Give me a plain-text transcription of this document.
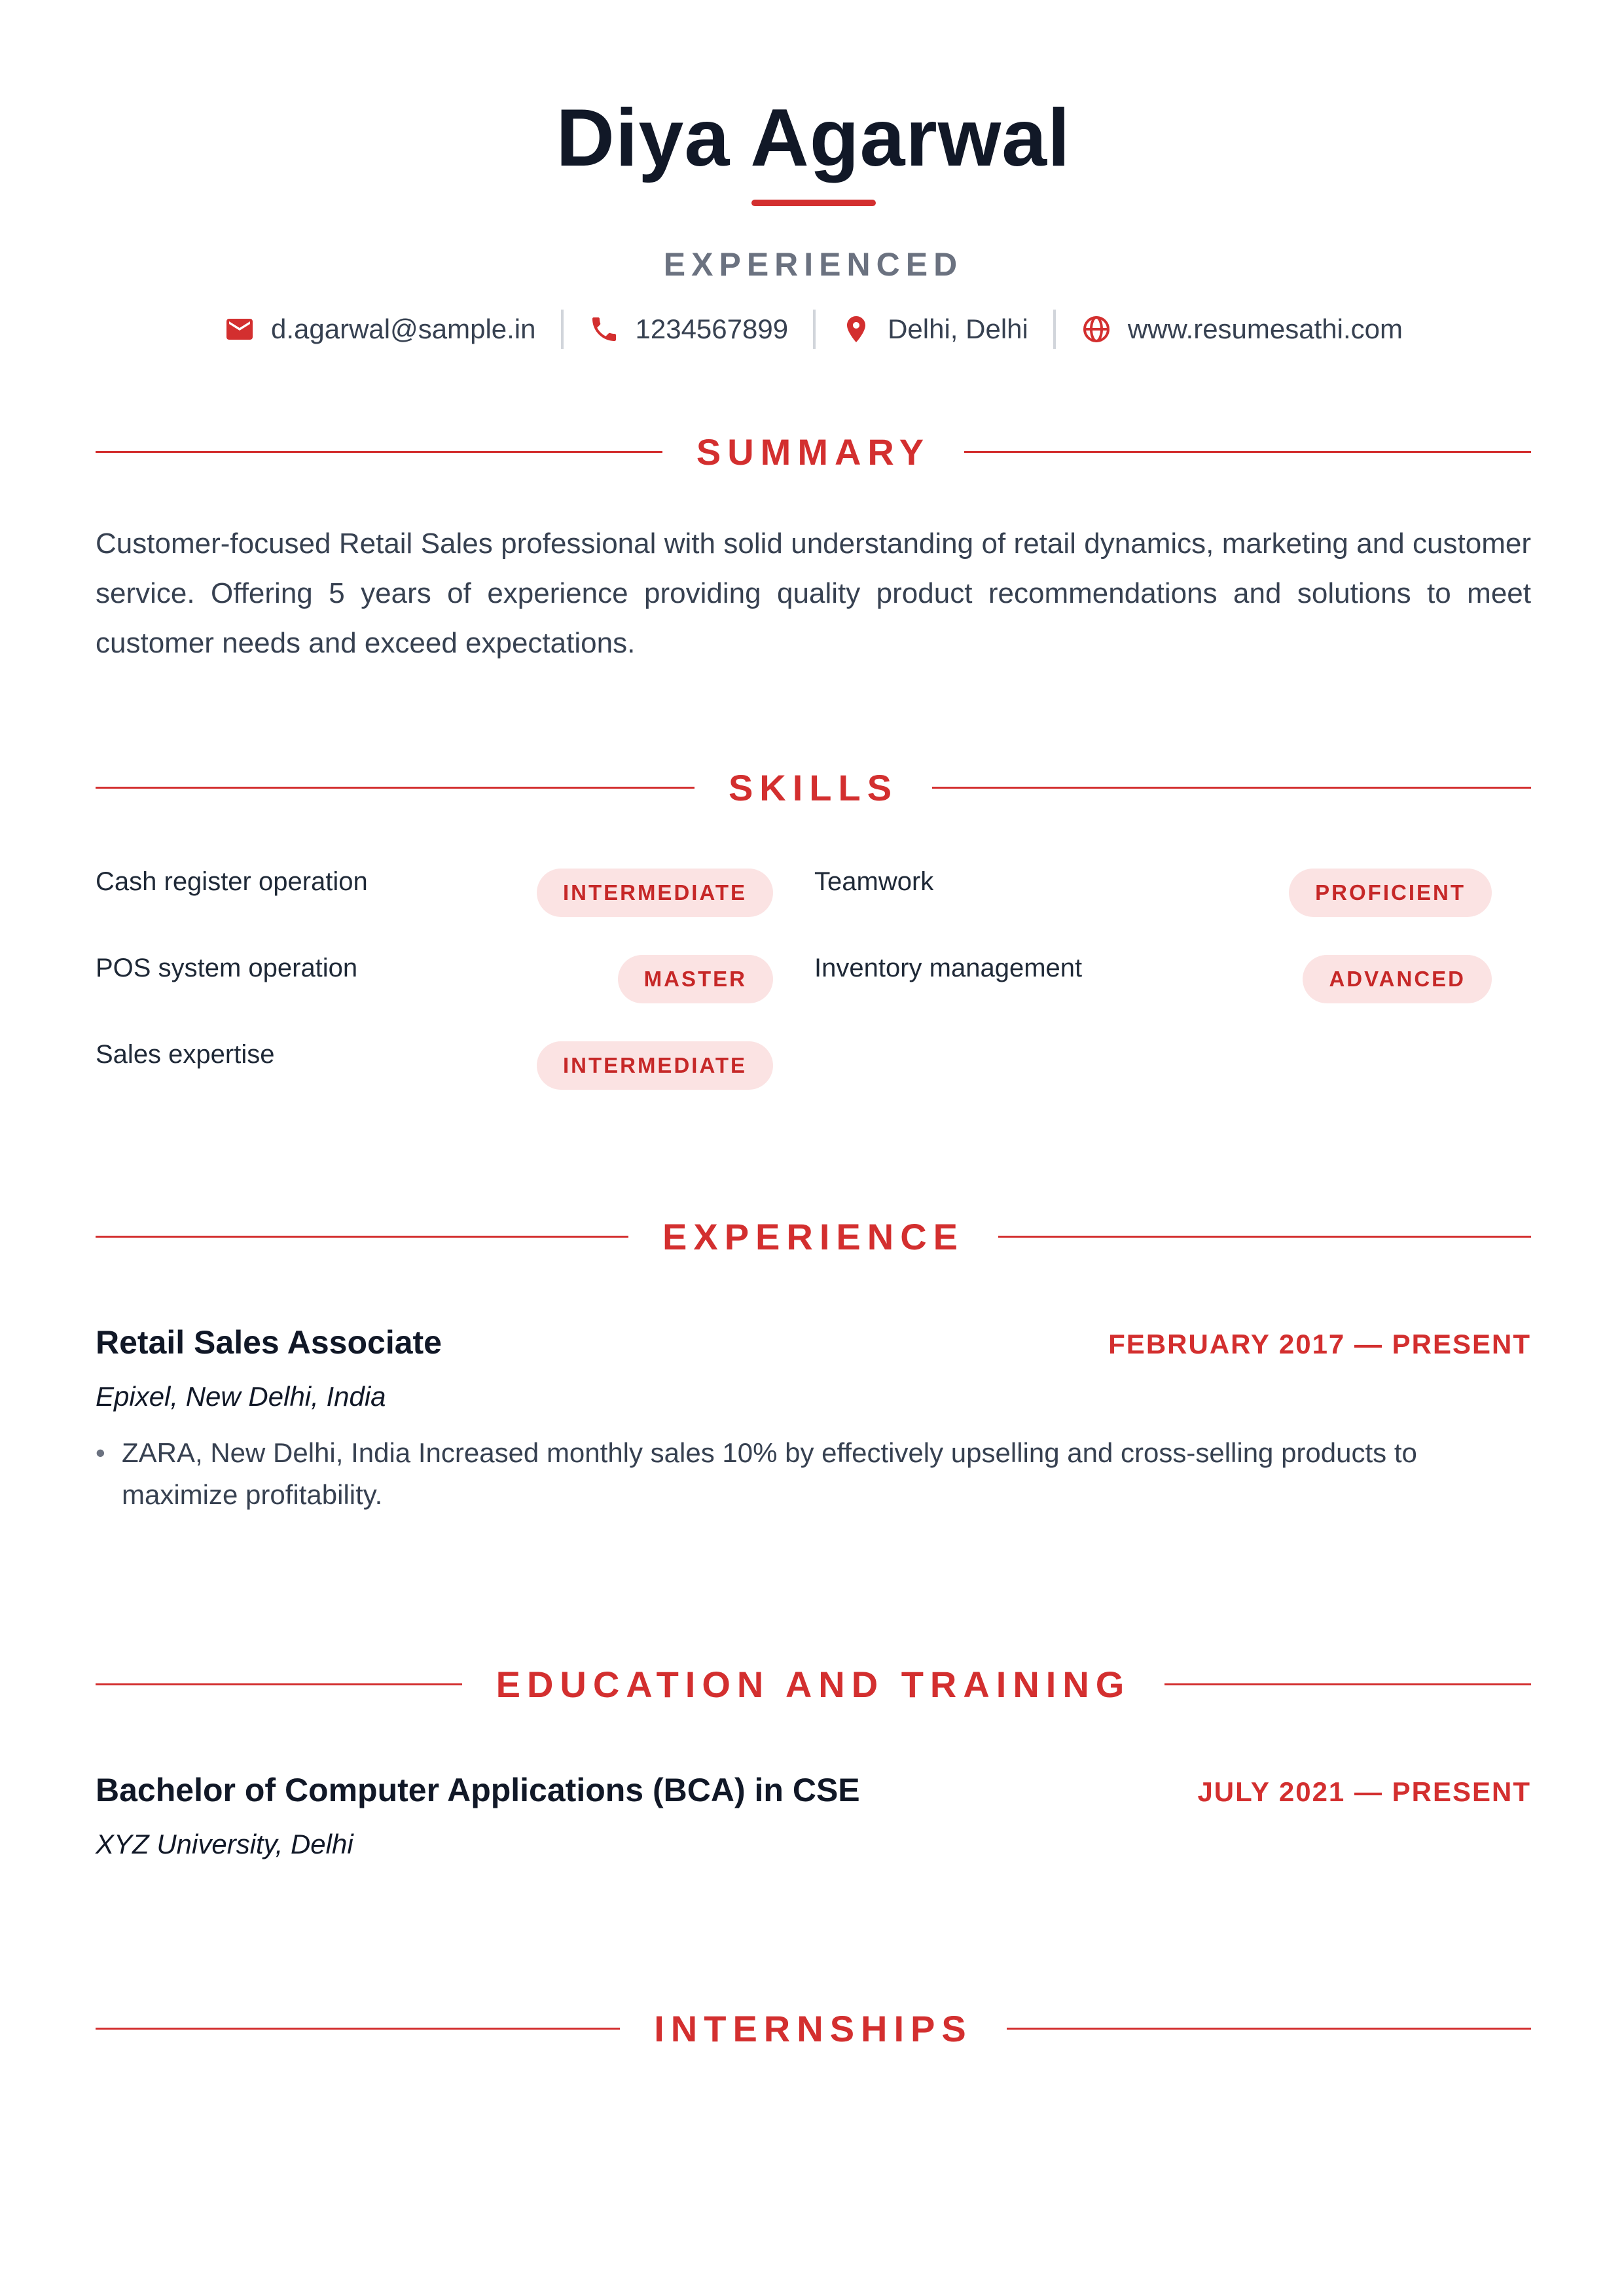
Diya Agarwal
EXPERIENCED
d.agarwal@sample.in	1234567899	Delhi, Delhi	www.resumesathi.com
SUMMARY
Customer-focused Retail Sales professional with solid understanding of retail dynamics, marketing and customer service. Offering 5 years of experience providing quality product recommendations and solutions to meet customer needs and exceed expectations.
SKILLS
Cash register operation	INTERMEDIATE	Teamwork	PROFICIENT
POS system operation	MASTER	Inventory management	ADVANCED
Sales expertise	INTERMEDIATE
EXPERIENCE
Retail Sales Associate	FEBRUARY 2017 — PRESENT
Epixel, New Delhi, India
• ZARA, New Delhi, India Increased monthly sales 10% by effectively upselling and cross-selling products to maximize profitability.
EDUCATION AND TRAINING
Bachelor of Computer Applications (BCA) in CSE	JULY 2021 — PRESENT
XYZ University, Delhi
INTERNSHIPS
